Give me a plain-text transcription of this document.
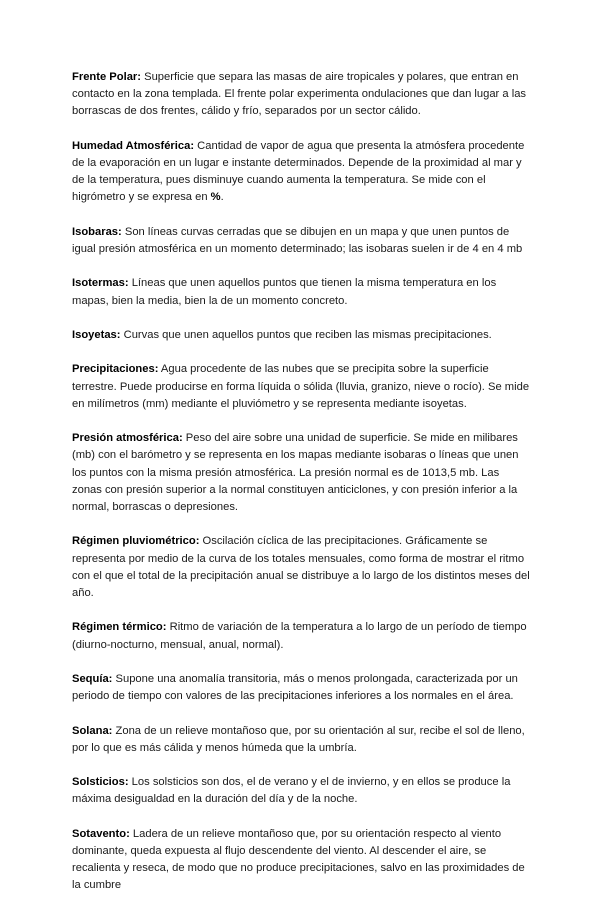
Frente Polar: Superficie que separa las masas de aire tropicales y polares, que entran en contacto en la zona templada. El frente polar experimenta ondulaciones que dan lugar a las borrascas de dos frentes, cálido y frío, separados por un sector cálido.

Humedad Atmosférica: Cantidad de vapor de agua que presenta la atmósfera procedente de la evaporación en un lugar e instante determinados. Depende de la proximidad al mar y de la temperatura, pues disminuye cuando aumenta la temperatura. Se mide con el higrómetro y se expresa en %.

Isobaras: Son líneas curvas cerradas que se dibujen en un mapa y que unen puntos de igual presión atmosférica en un momento determinado; las isobaras suelen ir de 4 en 4 mb

Isotermas: Líneas que unen aquellos puntos que tienen la misma temperatura en los mapas, bien la media, bien la de un momento concreto.

Isoyetas: Curvas que unen aquellos puntos que reciben las mismas precipitaciones.

Precipitaciones: Agua procedente de las nubes que se precipita sobre la superficie terrestre. Puede producirse en forma líquida o sólida (lluvia, granizo, nieve o rocío). Se mide en milímetros (mm) mediante el pluviómetro y se representa mediante isoyetas.

Presión atmosférica: Peso del aire sobre una unidad de superficie. Se mide en milibares (mb) con el barómetro y se representa en los mapas mediante isobaras o líneas que unen los puntos con la misma presión atmosférica. La presión normal es de 1013,5 mb. Las zonas con presión superior a la normal constituyen anticiclones, y con presión inferior a la normal, borrascas o depresiones.

Régimen pluviométrico: Oscilación cíclica de las precipitaciones. Gráficamente se representa por medio de la curva de los totales mensuales, como forma de mostrar el ritmo con el que el total de la precipitación anual se distribuye a lo largo de los distintos meses del año.

Régimen térmico: Ritmo de variación de la temperatura a lo largo de un período de tiempo (diurno-nocturno, mensual, anual, normal).

Sequía: Supone una anomalía transitoria, más o menos prolongada, caracterizada por un periodo de tiempo con valores de las precipitaciones inferiores a los normales en el área.

Solana: Zona de un relieve montañoso que, por su orientación al sur, recibe el sol de lleno, por lo que es más cálida y menos húmeda que la umbría.

Solsticios: Los solsticios son dos, el de verano y el de invierno, y en ellos se produce la máxima desigualdad en la duración del día y de la noche.

Sotavento: Ladera de un relieve montañoso que, por su orientación respecto al viento dominante, queda expuesta al flujo descendente del viento. Al descender el aire, se recalienta y reseca, de modo que no produce precipitaciones, salvo en las proximidades de la cumbre
